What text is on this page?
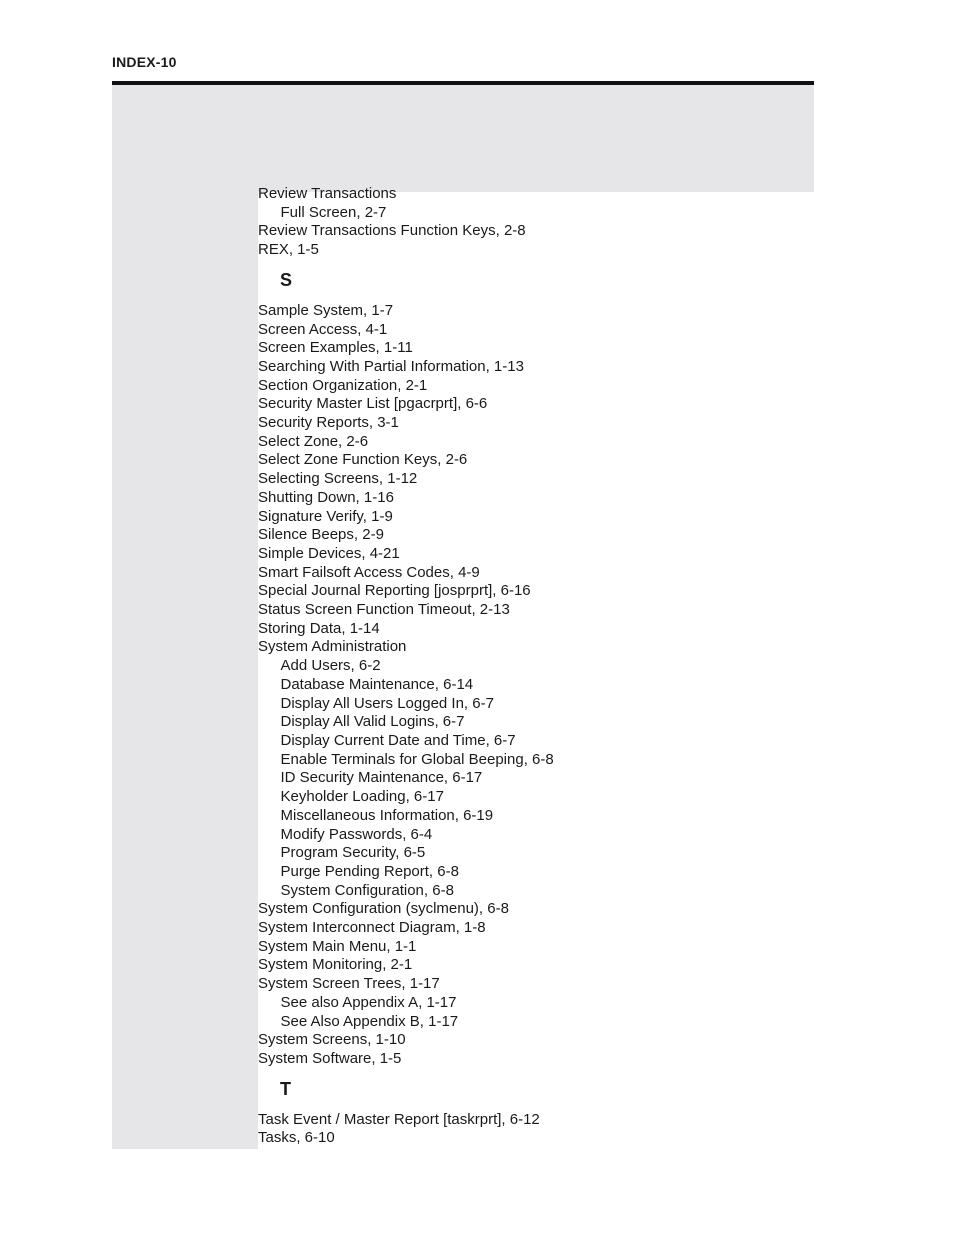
INDEX-10
Review Transactions
Full Screen, 2-7
Review Transactions Function Keys, 2-8
REX, 1-5
S
Sample System, 1-7
Screen Access, 4-1
Screen Examples, 1-11
Searching With Partial Information, 1-13
Section Organization, 2-1
Security Master List [pgacrprt], 6-6
Security Reports, 3-1
Select Zone, 2-6
Select Zone Function Keys, 2-6
Selecting Screens, 1-12
Shutting Down, 1-16
Signature Verify, 1-9
Silence Beeps, 2-9
Simple Devices, 4-21
Smart Failsoft Access Codes, 4-9
Special Journal Reporting [josprprt], 6-16
Status Screen Function Timeout, 2-13
Storing Data, 1-14
System Administration
Add Users, 6-2
Database Maintenance, 6-14
Display All Users Logged In, 6-7
Display All Valid Logins, 6-7
Display Current Date and Time, 6-7
Enable Terminals for Global Beeping, 6-8
ID Security Maintenance, 6-17
Keyholder Loading, 6-17
Miscellaneous Information, 6-19
Modify Passwords, 6-4
Program Security, 6-5
Purge Pending Report, 6-8
System Configuration, 6-8
System Configuration (syclmenu), 6-8
System Interconnect Diagram, 1-8
System Main Menu, 1-1
System Monitoring, 2-1
System Screen Trees, 1-17
See also Appendix A, 1-17
See Also Appendix B, 1-17
System Screens, 1-10
System Software, 1-5
T
Task Event / Master Report [taskrprt], 6-12
Tasks, 6-10
